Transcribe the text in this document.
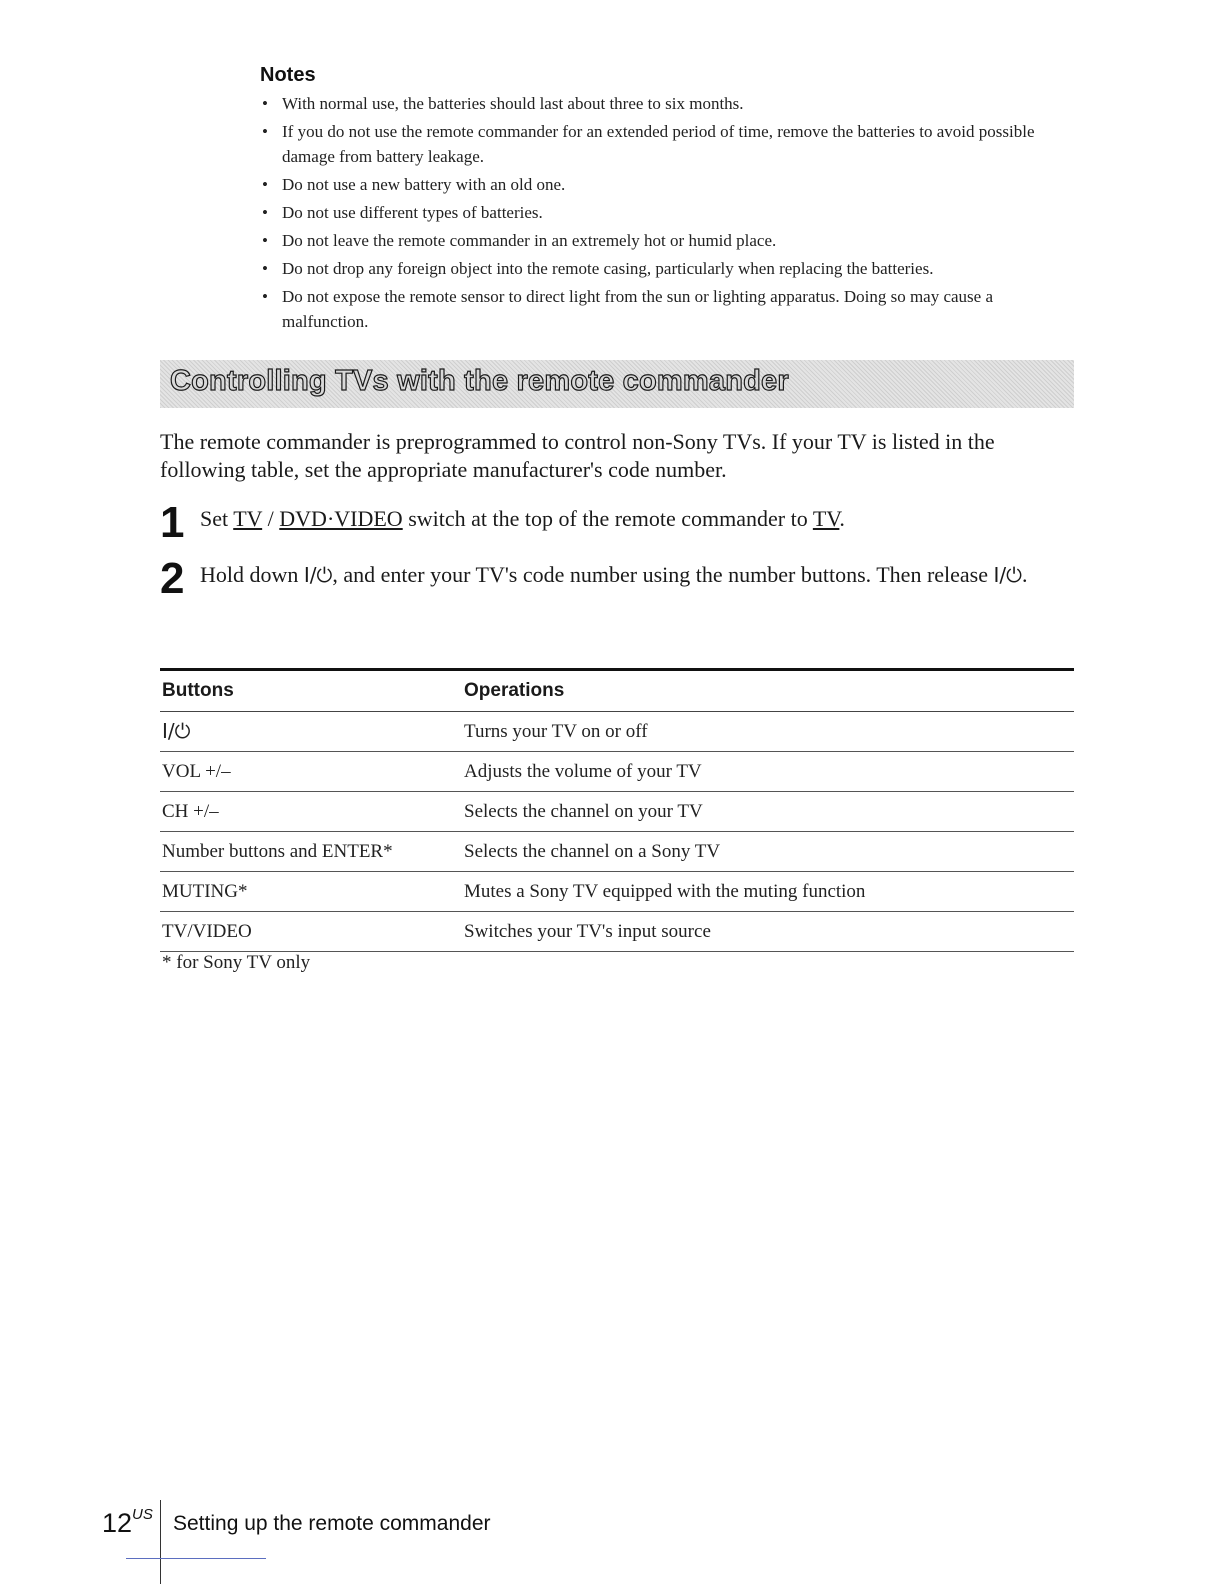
Notes
• With normal use, the batteries should last about three to six months.
• If you do not use the remote commander for an extended period of time, remove the batteries to avoid possible damage from battery leakage.
• Do not use a new battery with an old one.
• Do not use different types of batteries.
• Do not leave the remote commander in an extremely hot or humid place.
• Do not drop any foreign object into the remote casing, particularly when replacing the batteries.
• Do not expose the remote sensor to direct light from the sun or lighting apparatus. Doing so may cause a malfunction.
Controlling TVs with the remote commander
The remote commander is preprogrammed to control non-Sony TVs. If your TV is listed in the following table, set the appropriate manufacturer's code number.
1 Set TV / DVD·VIDEO switch at the top of the remote commander to TV.
2 Hold down I/⏻, and enter your TV's code number using the number buttons. Then release I/⏻.
Buttons	Operations
I/⏻	Turns your TV on or off
VOL +/–	Adjusts the volume of your TV
CH +/–	Selects the channel on your TV
Number buttons and ENTER*	Selects the channel on a Sony TV
MUTING*	Mutes a Sony TV equipped with the muting function
TV/VIDEO	Switches your TV's input source
* for Sony TV only
$12^{US}$ Setting up the remote commander
